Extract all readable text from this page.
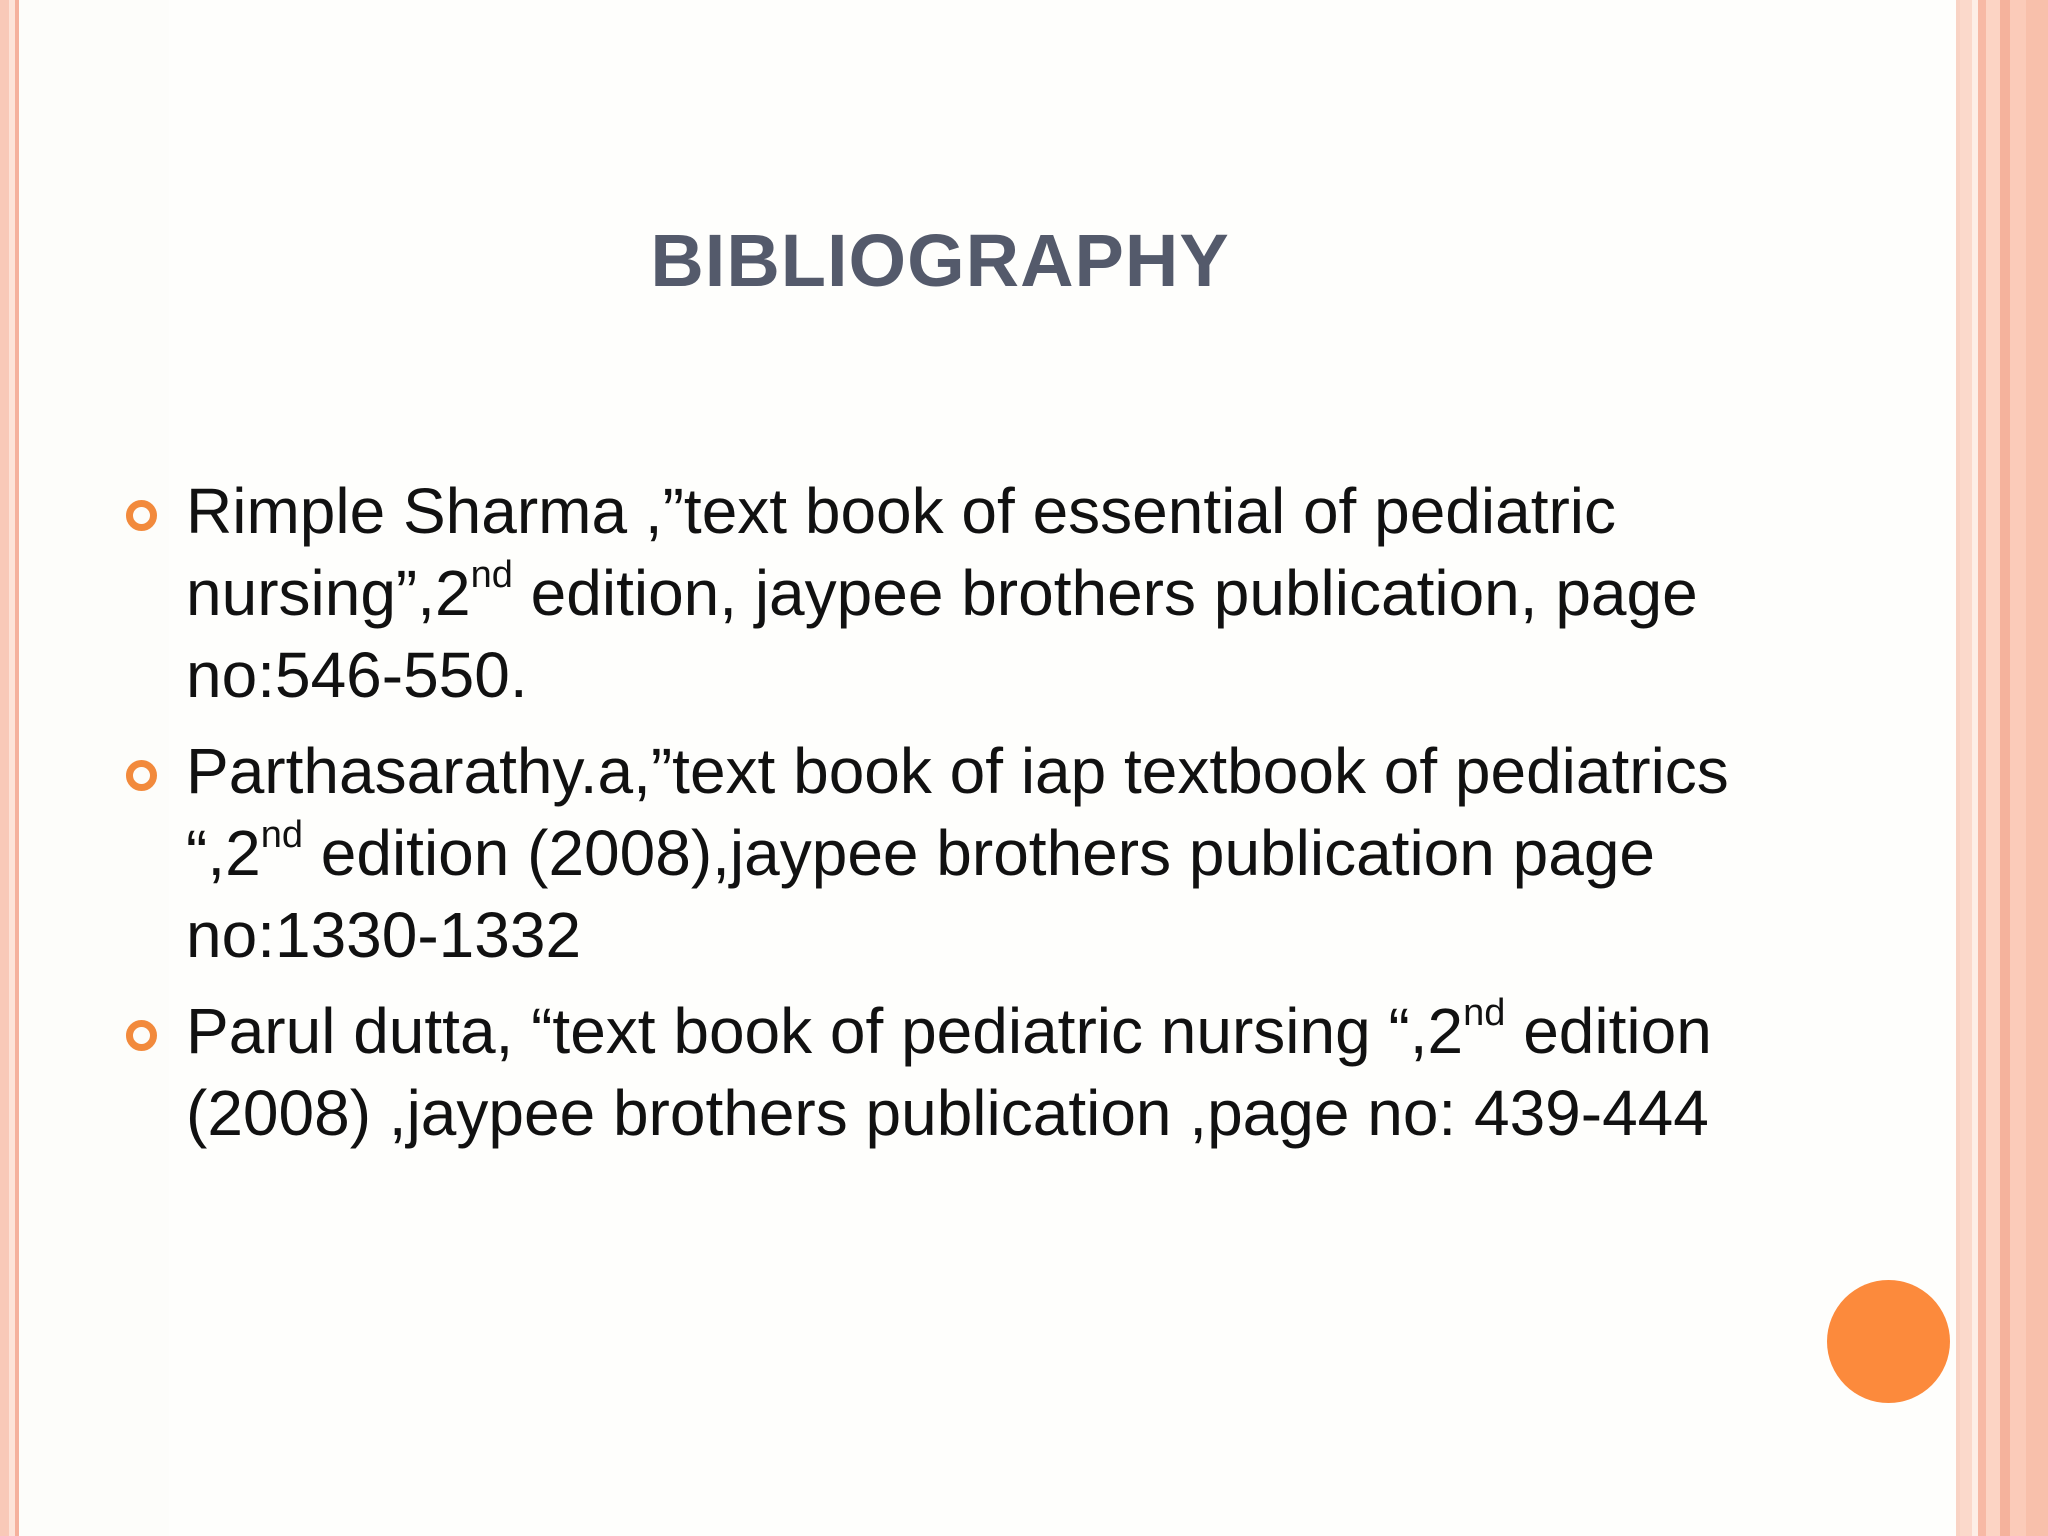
BIBLIOGRAPHY
Rimple Sharma ,”text book of essential of pediatric nursing”,2nd edition, jaypee brothers publication, page no:546-550.
Parthasarathy.a,”text book of iap textbook of pediatrics “,2nd edition (2008),jaypee brothers publication page no:1330-1332
Parul dutta, “text book of pediatric nursing “,2nd edition (2008) ,jaypee brothers publication ,page no: 439-444
